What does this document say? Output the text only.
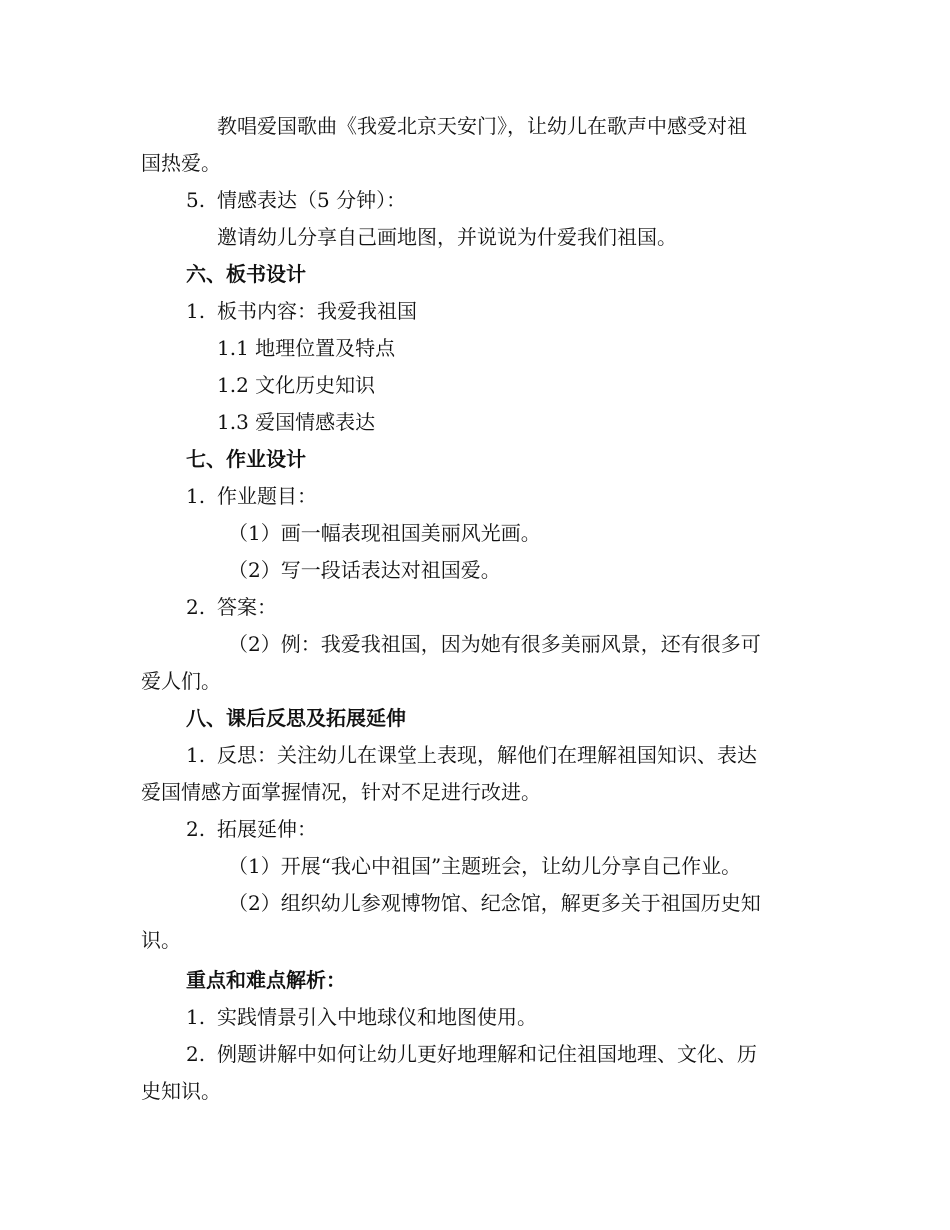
教唱爱国歌曲《我爱北京天安门》，让幼儿在歌声中感受对祖
国热爱。
5. 情感表达（5 分钟）：
邀请幼儿分享自己画地图，并说说为什爱我们祖国。
六、板书设计
1. 板书内容：我爱我祖国
1.1 地理位置及特点
1.2 文化历史知识
1.3 爱国情感表达
七、作业设计
1. 作业题目：
（1）画一幅表现祖国美丽风光画。
（2）写一段话表达对祖国爱。
2. 答案：
（2）例：我爱我祖国，因为她有很多美丽风景，还有很多可
爱人们。
八、课后反思及拓展延伸
1. 反思：关注幼儿在课堂上表现，解他们在理解祖国知识、表达
爱国情感方面掌握情况，针对不足进行改进。
2. 拓展延伸：
（1）开展“我心中祖国”主题班会，让幼儿分享自己作业。
（2）组织幼儿参观博物馆、纪念馆，解更多关于祖国历史知
识。
重点和难点解析：
1. 实践情景引入中地球仪和地图使用。
2. 例题讲解中如何让幼儿更好地理解和记住祖国地理、文化、历
史知识。
